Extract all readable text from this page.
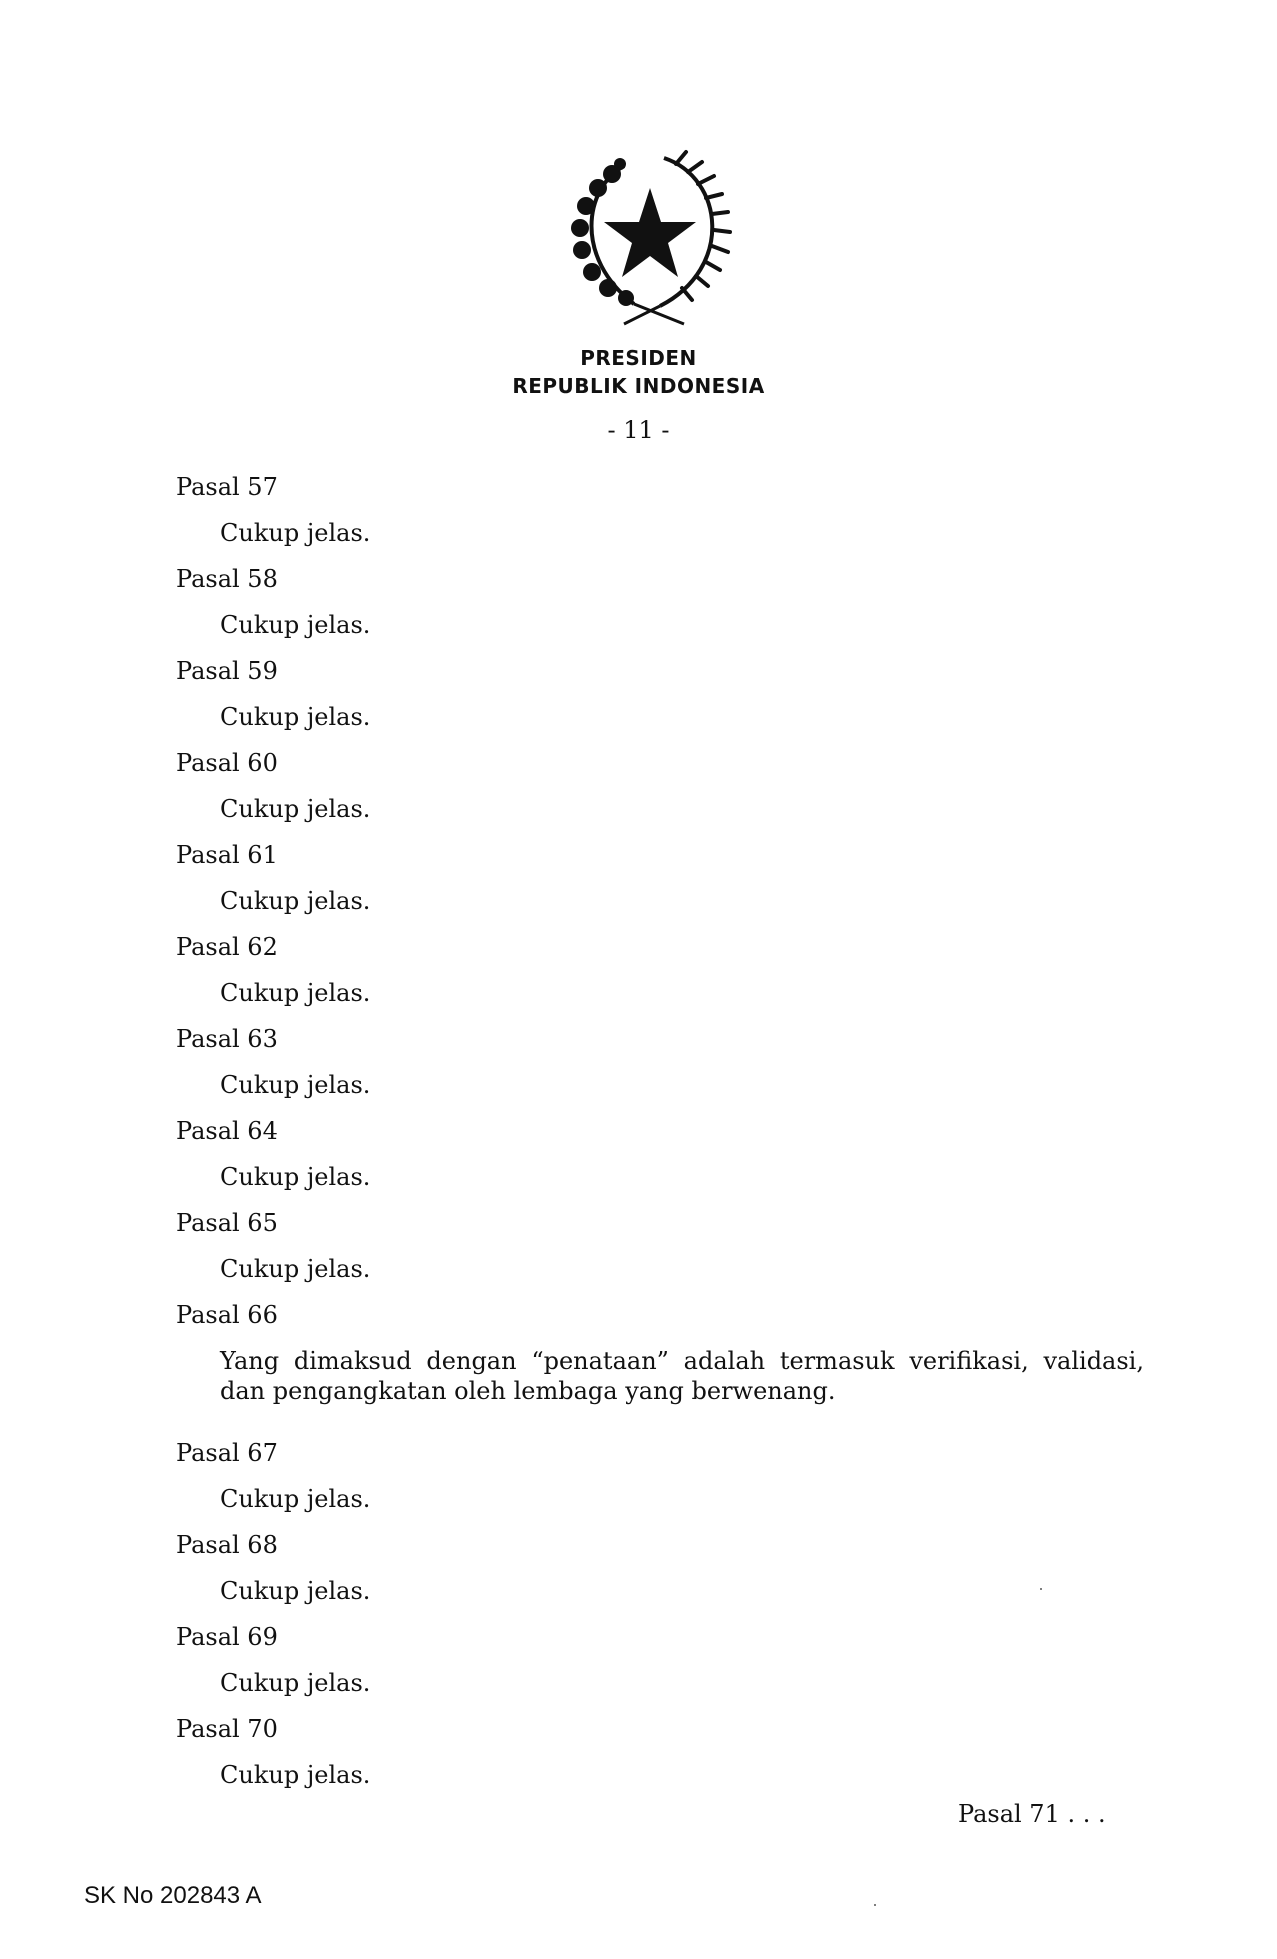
PRESIDEN
REPUBLIK INDONESIA
- 11 -
Pasal 57
Cukup jelas.
Pasal 58
Cukup jelas.
Pasal 59
Cukup jelas.
Pasal 60
Cukup jelas.
Pasal 61
Cukup jelas.
Pasal 62
Cukup jelas.
Pasal 63
Cukup jelas.
Pasal 64
Cukup jelas.
Pasal 65
Cukup jelas.
Pasal 66
Yang dimaksud dengan “penataan” adalah termasuk verifikasi, validasi, dan pengangkatan oleh lembaga yang berwenang.
Pasal 67
Cukup jelas.
Pasal 68
Cukup jelas.
Pasal 69
Cukup jelas.
Pasal 70
Cukup jelas.
Pasal 71 . . .
SK No 202843 A
